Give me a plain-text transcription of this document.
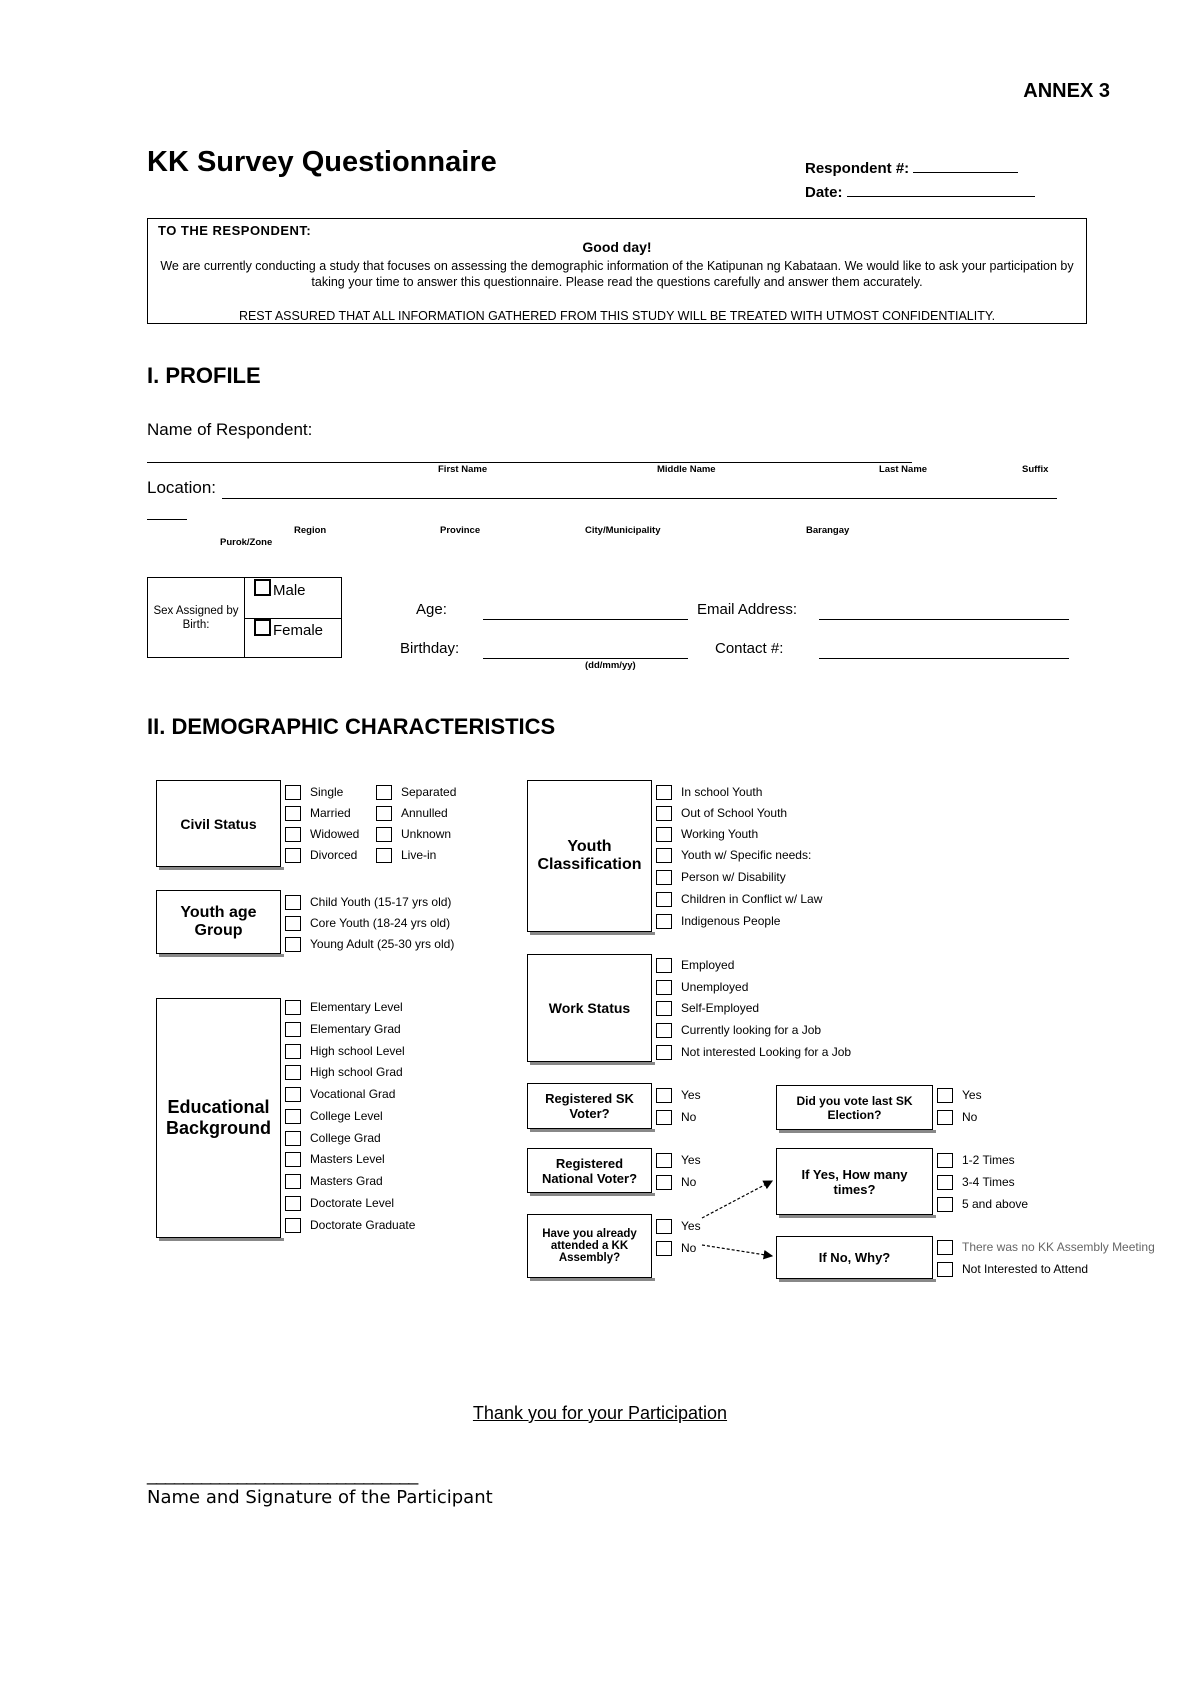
ANNEX 3
KK Survey Questionnaire	Respondent #:
Date:
TO THE RESPONDENT:
Good day!
We are currently conducting a study that focuses on assessing the demographic information of the Katipunan ng Kabataan. We would like to ask your participation by taking your time to answer this questionnaire. Please read the questions carefully and answer them accurately.
REST ASSURED THAT ALL INFORMATION GATHERED FROM THIS STUDY WILL BE TREATED WITH UTMOST CONFIDENTIALITY.
I. PROFILE
Name of Respondent:
First Name	Middle Name	Last Name	Suffix
Location:
Region	Province	City/Municipality	Barangay
Purok/Zone
Sex Assigned by Birth:
Male
Female
Age:
Birthday:
(dd/mm/yy)
Email Address:
Contact #:
II. DEMOGRAPHIC CHARACTERISTICS
Civil Status
Single
Married
Widowed
Divorced
Separated
Annulled
Unknown
Live-in
Youth age Group
Child Youth (15-17 yrs old)
Core Youth (18-24 yrs old)
Young Adult (25-30 yrs old)
Educational Background
Elementary Level
Elementary Grad
High school Level
High school Grad
Vocational Grad
College Level
College Grad
Masters Level
Masters Grad
Doctorate Level
Doctorate Graduate
Youth Classification
In school Youth
Out of School Youth
Working Youth
Youth w/ Specific needs:
Person w/ Disability
Children in Conflict w/ Law
Indigenous People
Work Status
Employed
Unemployed
Self-Employed
Currently looking for a Job
Not interested Looking for a Job
Registered SK Voter?
Yes
No
Did you vote last SK Election?
Yes
No
Registered National Voter?
Yes
No
If Yes, How many times?
1-2 Times
3-4 Times
5 and above
Have you already attended a KK Assembly?
Yes
No
If No, Why?
There was no KK Assembly Meeting
Not Interested to Attend
Thank you for your Participation
______________________________
Name and Signature of the Participant
